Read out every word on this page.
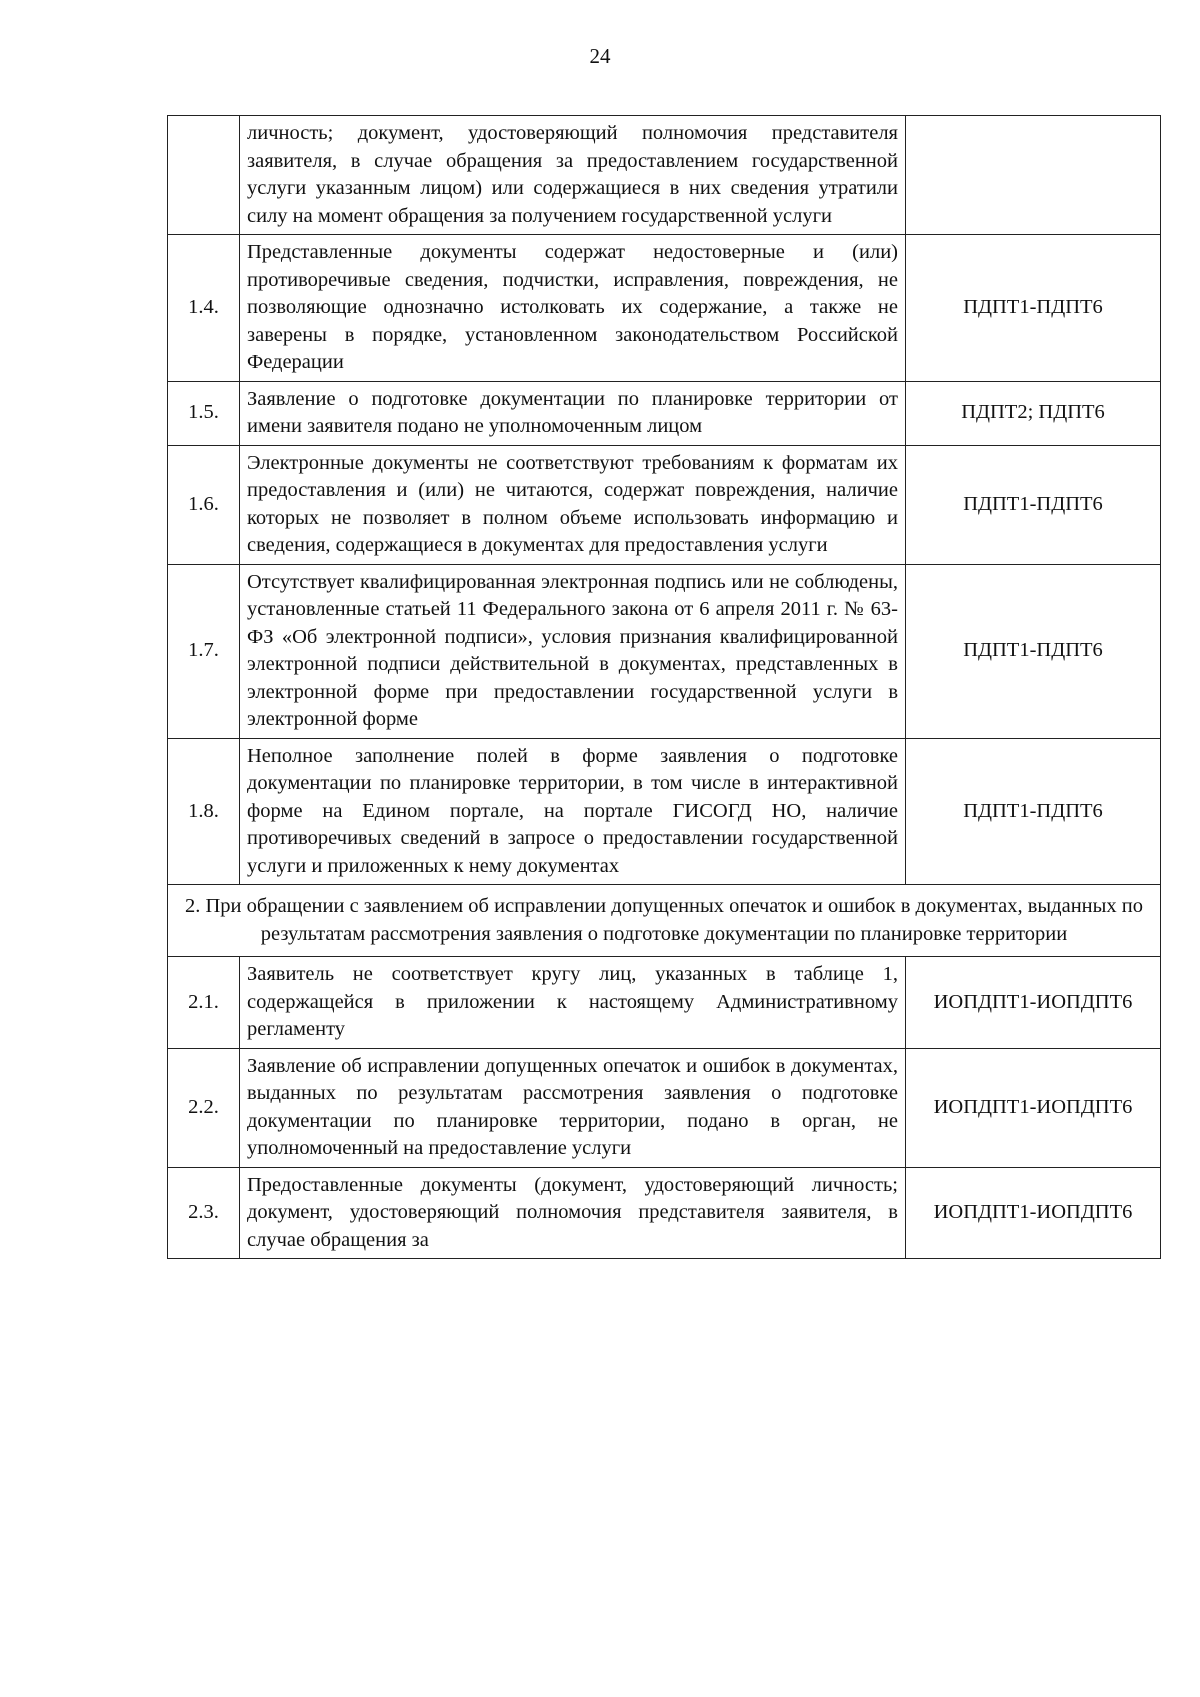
24
	личность; документ, удостоверяющий полномочия представителя заявителя, в случае обращения за предоставлением государственной услуги указанным лицом) или содержащиеся в них сведения утратили силу на момент обращения за получением государственной услуги	
1.4.	Представленные документы содержат недостоверные и (или) противоречивые сведения, подчистки, исправления, повреждения, не позволяющие однозначно истолковать их содержание, а также не заверены в порядке, установленном законодательством Российской Федерации	ПДПТ1-ПДПТ6
1.5.	Заявление о подготовке документации по планировке территории от имени заявителя подано не уполномоченным лицом	ПДПТ2; ПДПТ6
1.6.	Электронные документы не соответствуют требованиям к форматам их предоставления и (или) не читаются, содержат повреждения, наличие которых не позволяет в полном объеме использовать информацию и сведения, содержащиеся в документах для предоставления услуги	ПДПТ1-ПДПТ6
1.7.	Отсутствует квалифицированная электронная подпись или не соблюдены, установленные статьей 11 Федерального закона от 6 апреля 2011 г. № 63-ФЗ «Об электронной подписи», условия признания квалифицированной электронной подписи действительной в документах, представленных в электронной форме при предоставлении государственной услуги в электронной форме	ПДПТ1-ПДПТ6
1.8.	Неполное заполнение полей в форме заявления о подготовке документации по планировке территории, в том числе в интерактивной форме на Едином портале, на портале ГИСОГД НО, наличие противоречивых сведений в запросе о предоставлении государственной услуги и приложенных к нему документах	ПДПТ1-ПДПТ6
2. При обращении с заявлением об исправлении допущенных опечаток и ошибок в документах, выданных по результатам рассмотрения заявления о подготовке документации по планировке территории		
2.1.	Заявитель не соответствует кругу лиц, указанных в таблице 1, содержащейся в приложении к настоящему Административному регламенту	ИОПДПТ1-ИОПДПТ6
2.2.	Заявление об исправлении допущенных опечаток и ошибок в документах, выданных по результатам рассмотрения заявления о подготовке документации по планировке территории, подано в орган, не уполномоченный на предоставление услуги	ИОПДПТ1-ИОПДПТ6
2.3.	Предоставленные документы (документ, удостоверяющий личность; документ, удостоверяющий полномочия представителя заявителя, в случае обращения за	ИОПДПТ1-ИОПДПТ6
